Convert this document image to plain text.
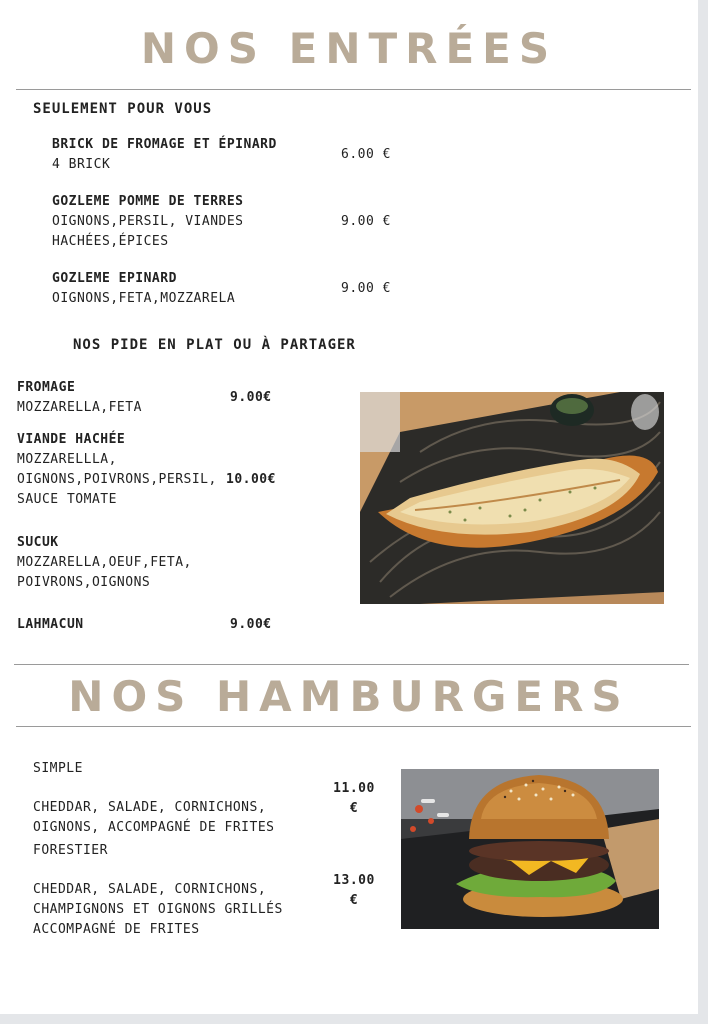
NOS ENTRÉES
SEULEMENT POUR VOUS
BRICK DE FROMAGE ET ÉPINARD
4 BRICK
6.00 €
GOZLEME POMME DE TERRES
OIGNONS,PERSIL, VIANDES
HACHÉES,ÉPICES
9.00 €
GOZLEME EPINARD
OIGNONS,FETA,MOZZARELA
9.00 €
NOS PIDE EN PLAT OU À PARTAGER
FROMAGE
MOZZARELLA,FETA
9.00€
VIANDE HACHÉE
MOZZARELLLA,
OIGNONS,POIVRONS,PERSIL,
SAUCE TOMATE
10.00€
SUCUK
MOZZARELLA,OEUF,FETA,
POIVRONS,OIGNONS
LAHMACUN	9.00€
NOS HAMBURGERS
SIMPLE
CHEDDAR, SALADE, CORNICHONS,
OIGNONS, ACCOMPAGNÉ DE FRITES
11.00
€
FORESTIER
CHEDDAR, SALADE, CORNICHONS,
CHAMPIGNONS ET OIGNONS GRILLÉS
ACCOMPAGNÉ DE FRITES
13.00
€
